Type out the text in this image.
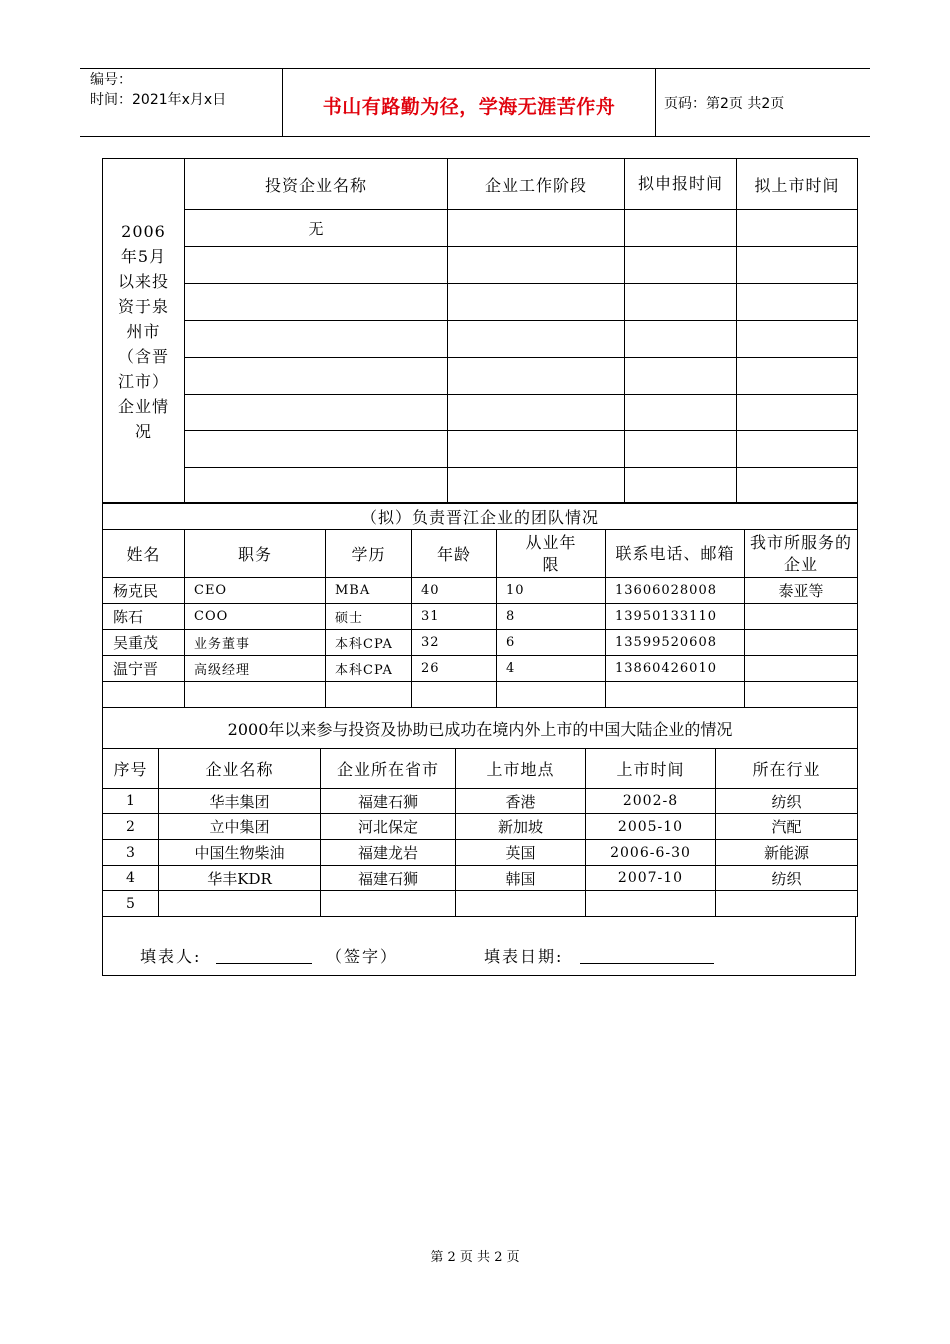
编号：
时间：2021年x月x日	书山有路勤为径，学海无涯苦作舟	页码：第2页 共2页
2006年5月以来投资于泉州市（含晋江市）企业情况	投资企业名称	企业工作阶段	拟申报时间	拟上市时间
	无			

（拟）负责晋江企业的团队情况						
姓名	职务	学历	年龄	从业年限	联系电话、邮箱	我市所服务的企业
杨克民	CEO	MBA	40	10	13606028008	泰亚等
陈石	COO	硕士	31	8	13950133110	
吴重茂	业务董事	本科CPA	32	6	13599520608	
温宁晋	高级经理	本科CPA	26	4	13860426010	

2000年以来参与投资及协助已成功在境内外上市的中国大陆企业的情况					
序号	企业名称	企业所在省市	上市地点	上市时间	所在行业
1	华丰集团	福建石狮	香港	2002-8	纺织
2	立中集团	河北保定	新加坡	2005-10	汽配
3	中国生物柴油	福建龙岩	英国	2006-6-30	新能源
4	华丰KDR	福建石狮	韩国	2007-10	纺织
5					
填表人:	（签字）	填表日期:
第 2 页 共 2 页
